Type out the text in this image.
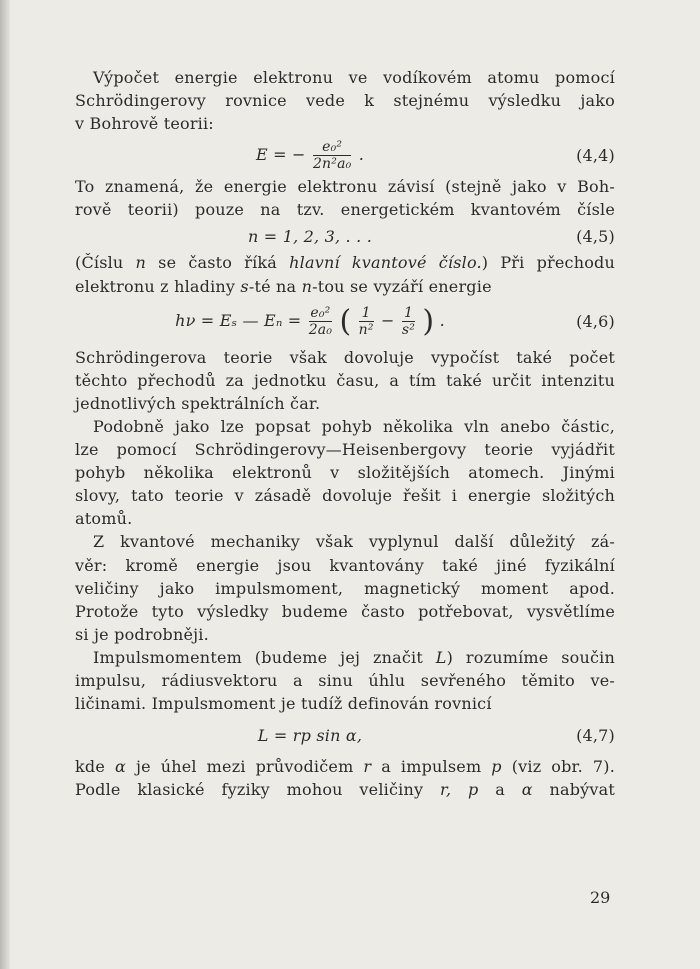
Výpočet energie elektronu ve vodíkovém atomu pomocí

Schrödingerovy rovnice vede k stejnému výsledku jako

v Bohrově teorii:

E = − $\frac{\text{e₀²}}{\text{2n²a₀}}$ .	(4,4)

To znamená, že energie elektronu závisí (stejně jako v Boh-

rově teorii) pouze na tzv. energetickém kvantovém čísle

n = 1, 2, 3, . . .	(4,5)

(Číslu n se často říká hlavní kvantové číslo.) Při přechodu

elektronu z hladiny s-té na n-tou se vyzáří energie

hν = Eₛ — $E_n = \frac{\text{e₀²}}{\text{2a₀}}$ ( $\frac{1}{\text{n²}} - \frac{1}{\text{s²}}$ ) .	(4,6)

Schrödingerova teorie však dovoluje vypočíst také počet

těchto přechodů za jednotku času, a tím také určit intenzitu

jednotlivých spektrálních čar.

Podobně jako lze popsat pohyb několika vln anebo částic,

lze pomocí Schrödingerovy—Heisenbergovy teorie vyjádřit

pohyb několika elektronů v složitějších atomech. Jinými

slovy, tato teorie v zásadě dovoluje řešit i energie složitých

atomů.

Z kvantové mechaniky však vyplynul další důležitý zá-

věr: kromě energie jsou kvantovány také jiné fyzikální

veličiny jako impulsmoment, magnetický moment apod.

Protože tyto výsledky budeme často potřebovat, vysvětlíme

si je podrobněji.

Impulsmomentem (budeme jej značit L) rozumíme součin

impulsu, rádiusvektoru a sinu úhlu sevřeného těmito ve-

ličinami. Impulsmoment je tudíž definován rovnicí

L = rp sin α,	(4,7)

kde α je úhel mezi průvodičem r a impulsem p (viz obr. 7).

Podle klasické fyziky mohou veličiny r, p a α nabývat

29
